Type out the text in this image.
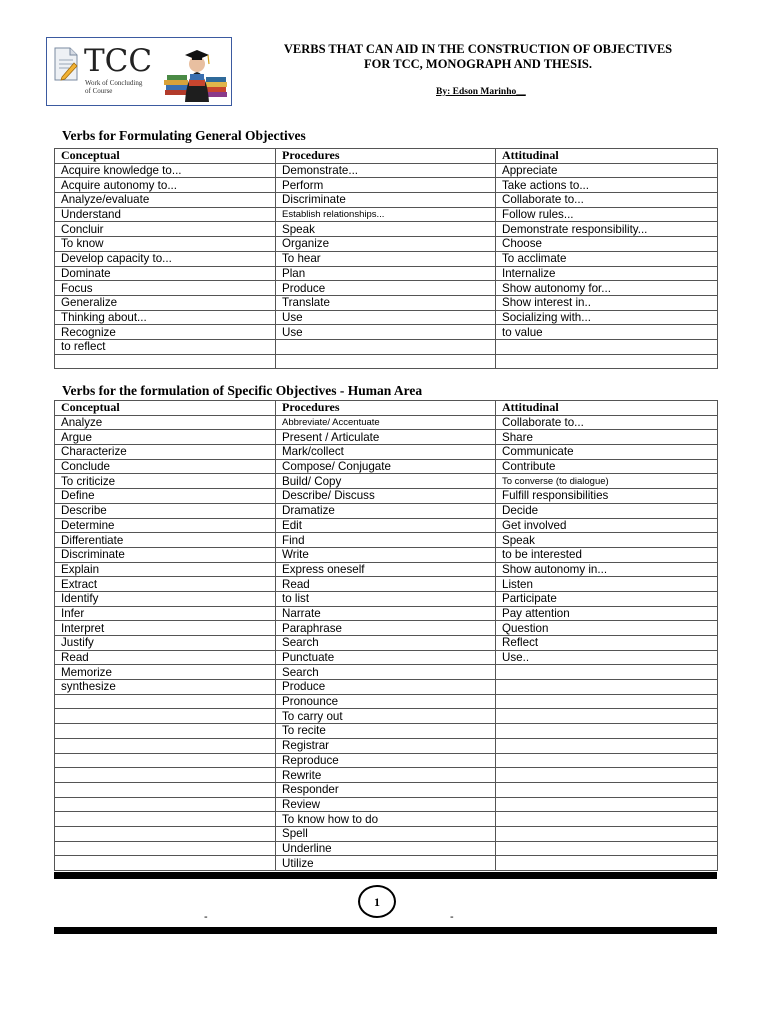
TCC
Work of Concluding of Course
VERBS THAT CAN AID IN THE CONSTRUCTION OF OBJECTIVES
FOR TCC, MONOGRAPH AND THESIS.
By: Edson Marinho__
Verbs for Formulating General Objectives
Conceptual	Procedures	Attitudinal
Acquire knowledge to...	Demonstrate...	Appreciate
Acquire autonomy to...	Perform	Take actions to...
Analyze/evaluate	Discriminate	Collaborate to...
Understand	Establish relationships...	Follow rules...
Concluir	Speak	Demonstrate responsibility...
To know	Organize	Choose
Develop capacity to...	To hear	To acclimate
Dominate	Plan	Internalize
Focus	Produce	Show autonomy for...
Generalize	Translate	Show interest in..
Thinking about...	Use	Socializing with...
Recognize	Use	to value
to reflect		

Verbs for the formulation of Specific Objectives - Human Area
Conceptual	Procedures	Attitudinal
Analyze	Abbreviate/ Accentuate	Collaborate to...
Argue	Present / Articulate	Share
Characterize	Mark/collect	Communicate
Conclude	Compose/ Conjugate	Contribute
To criticize	Build/ Copy	To converse (to dialogue)
Define	Describe/ Discuss	Fulfill responsibilities
Describe	Dramatize	Decide
Determine	Edit	Get involved
Differentiate	Find	Speak
Discriminate	Write	to be interested
Explain	Express oneself	Show autonomy in...
Extract	Read	Listen
Identify	to list	Participate
Infer	Narrate	Pay attention
Interpret	Paraphrase	Question
Justify	Search	Reflect
Read	Punctuate	Use..
Memorize	Search	
synthesize	Produce	
	Pronounce	
	To carry out	
	To recite	
	Registrar	
	Reproduce	
	Rewrite	
	Responder	
	Review	
	To know how to do	
	Spell	
	Underline	
	Utilize	
1
-	-
